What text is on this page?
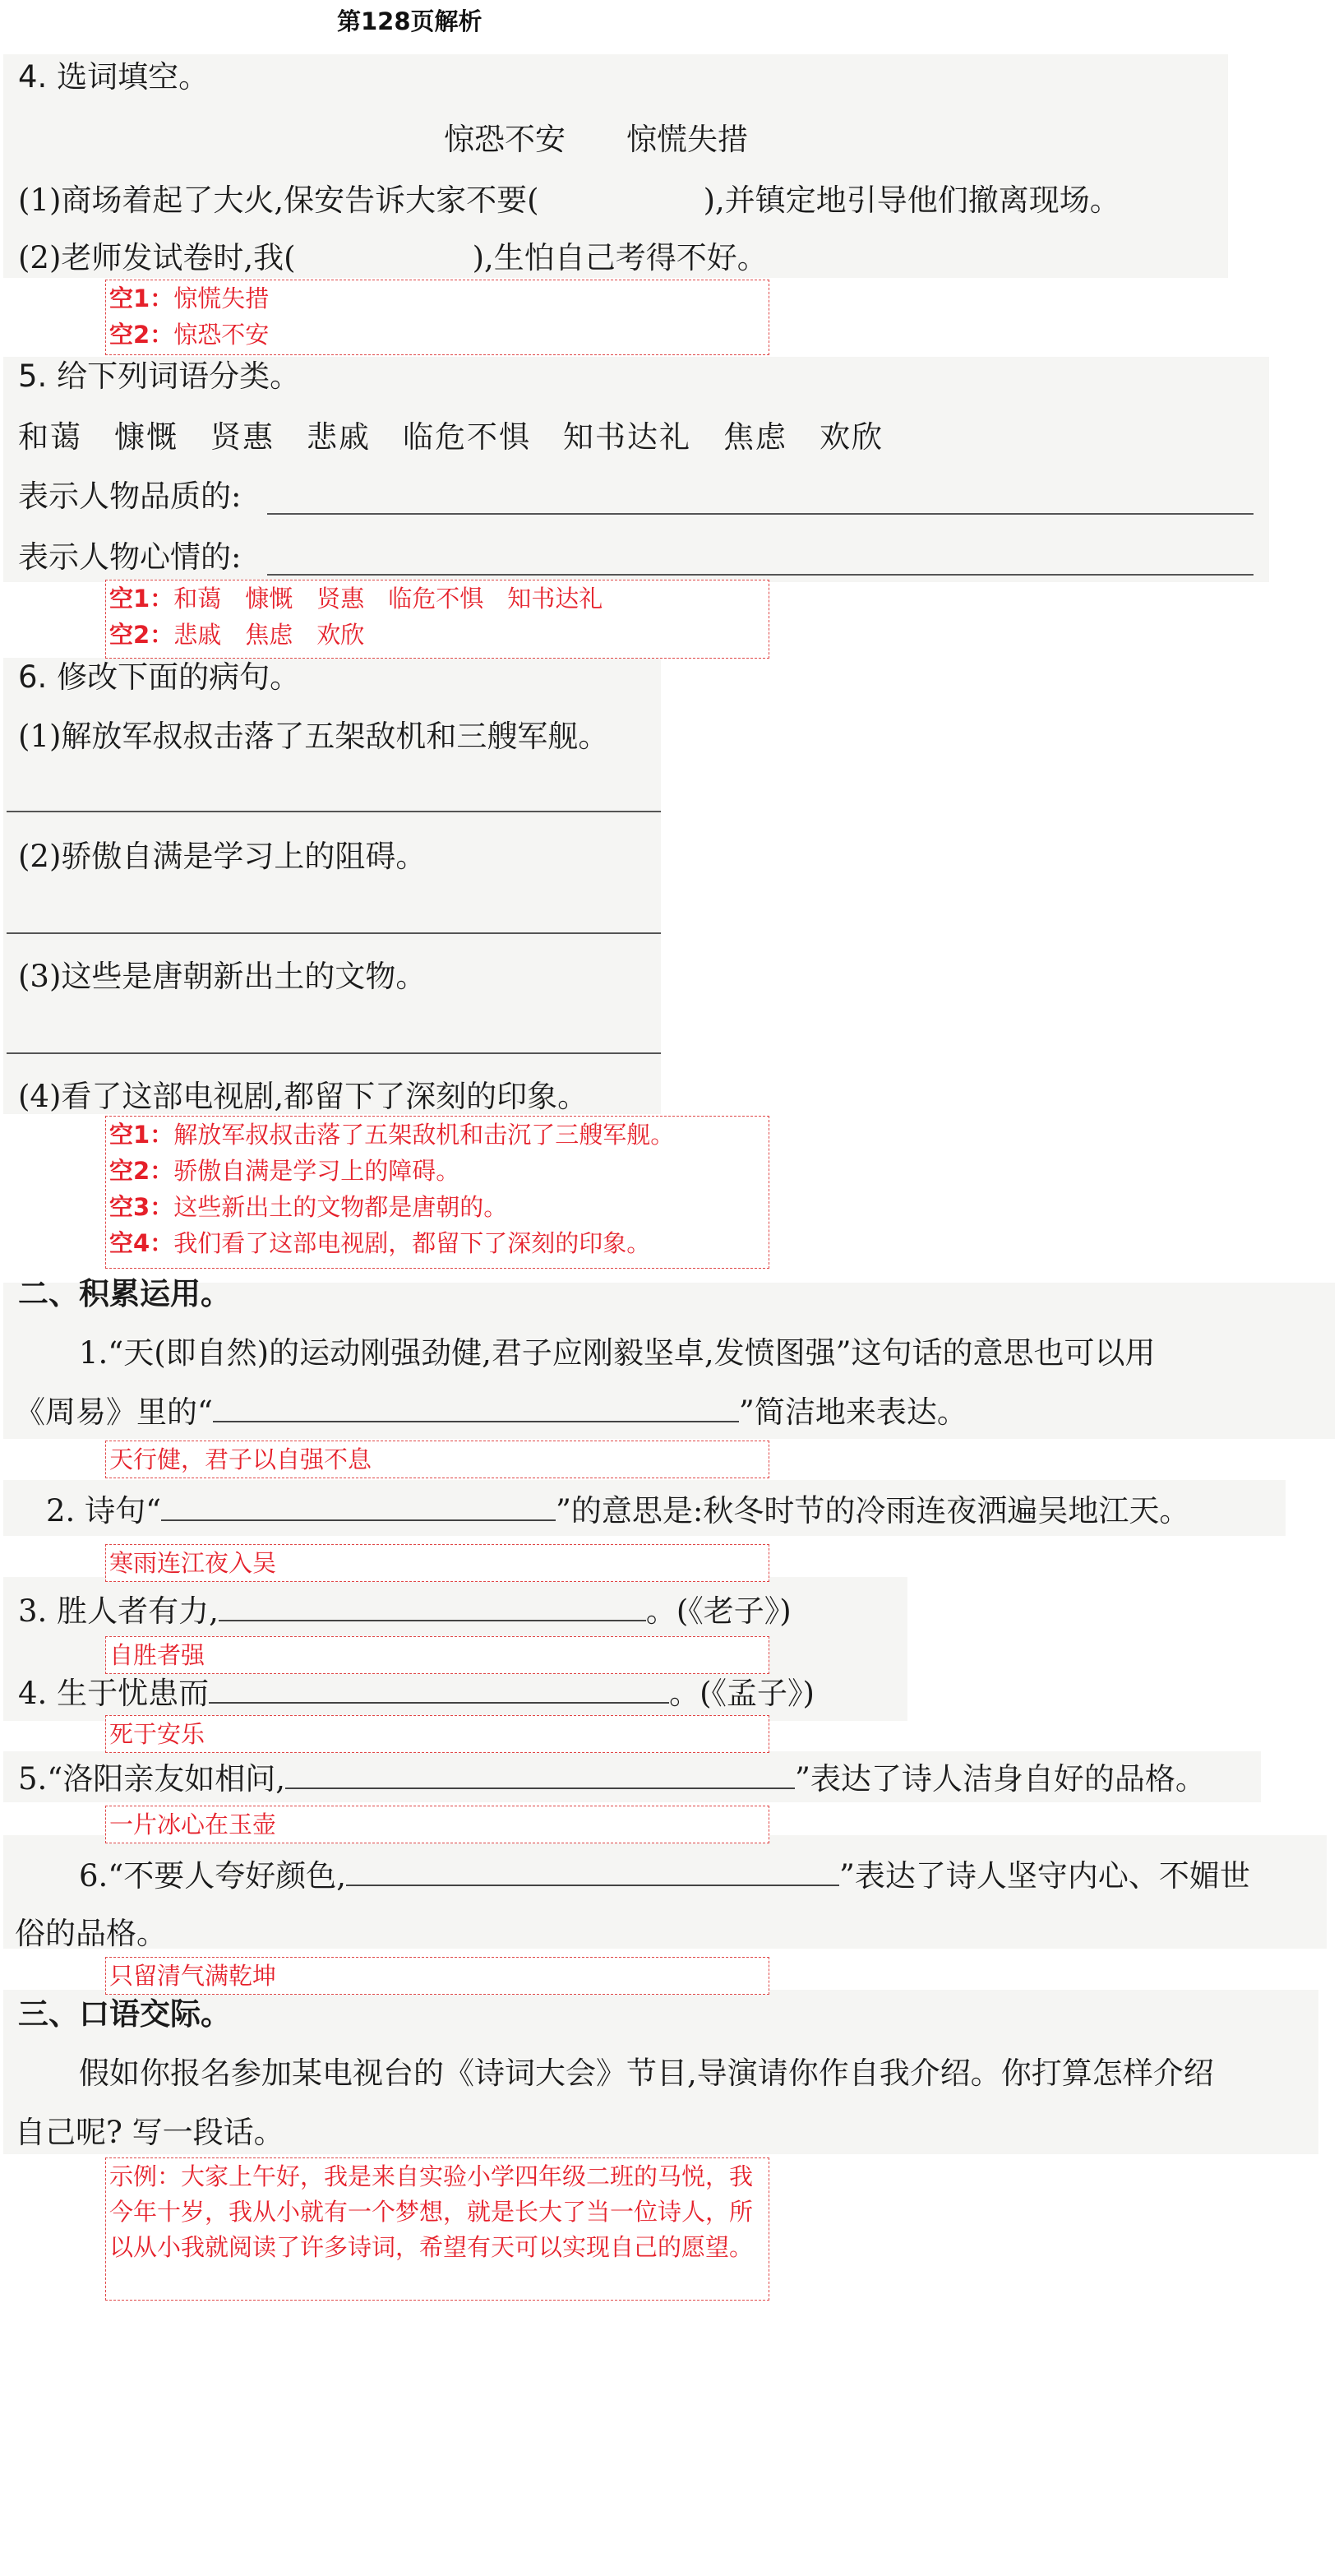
第128页解析
4. 选词填空。
惊恐不安　　惊慌失措
(1)商场着起了大火,保安告诉大家不要(	),并镇定地引导他们撤离现场。
(2)老师发试卷时,我(	),生怕自己考得不好。
空1：惊慌失措
空2：惊恐不安
5. 给下列词语分类。
和蔼　慷慨　贤惠　悲戚　临危不惧　知书达礼　焦虑　欢欣
表示人物品质的:
表示人物心情的:
空1：和蔼　慷慨　贤惠　临危不惧　知书达礼
空2：悲戚　焦虑　欢欣
6. 修改下面的病句。
(1)解放军叔叔击落了五架敌机和三艘军舰。
(2)骄傲自满是学习上的阻碍。
(3)这些是唐朝新出土的文物。
(4)看了这部电视剧,都留下了深刻的印象。
空1：解放军叔叔击落了五架敌机和击沉了三艘军舰。
空2：骄傲自满是学习上的障碍。
空3：这些新出土的文物都是唐朝的。
空4：我们看了这部电视剧，都留下了深刻的印象。
二、积累运用。
1.“天(即自然)的运动刚强劲健,君子应刚毅坚卓,发愤图强”这句话的意思也可以用
《周易》里的“	”简洁地来表达。
天行健，君子以自强不息
2. 诗句“	”的意思是:秋冬时节的冷雨连夜洒遍吴地江天。
寒雨连江夜入吴
3. 胜人者有力,	。(《老子》)
自胜者强
4. 生于忧患而	。(《孟子》)
死于安乐
5.“洛阳亲友如相问,	”表达了诗人洁身自好的品格。
一片冰心在玉壶
6.“不要人夸好颜色,	”表达了诗人坚守内心、不媚世
俗的品格。
只留清气满乾坤
三、口语交际。
假如你报名参加某电视台的《诗词大会》节目,导演请你作自我介绍。你打算怎样介绍
自己呢? 写一段话。
示例：大家上午好，我是来自实验小学四年级二班的马悦，我今年十岁，我从小就有一个梦想，就是长大了当一位诗人，所以从小我就阅读了许多诗词，希望有天可以实现自己的愿望。
